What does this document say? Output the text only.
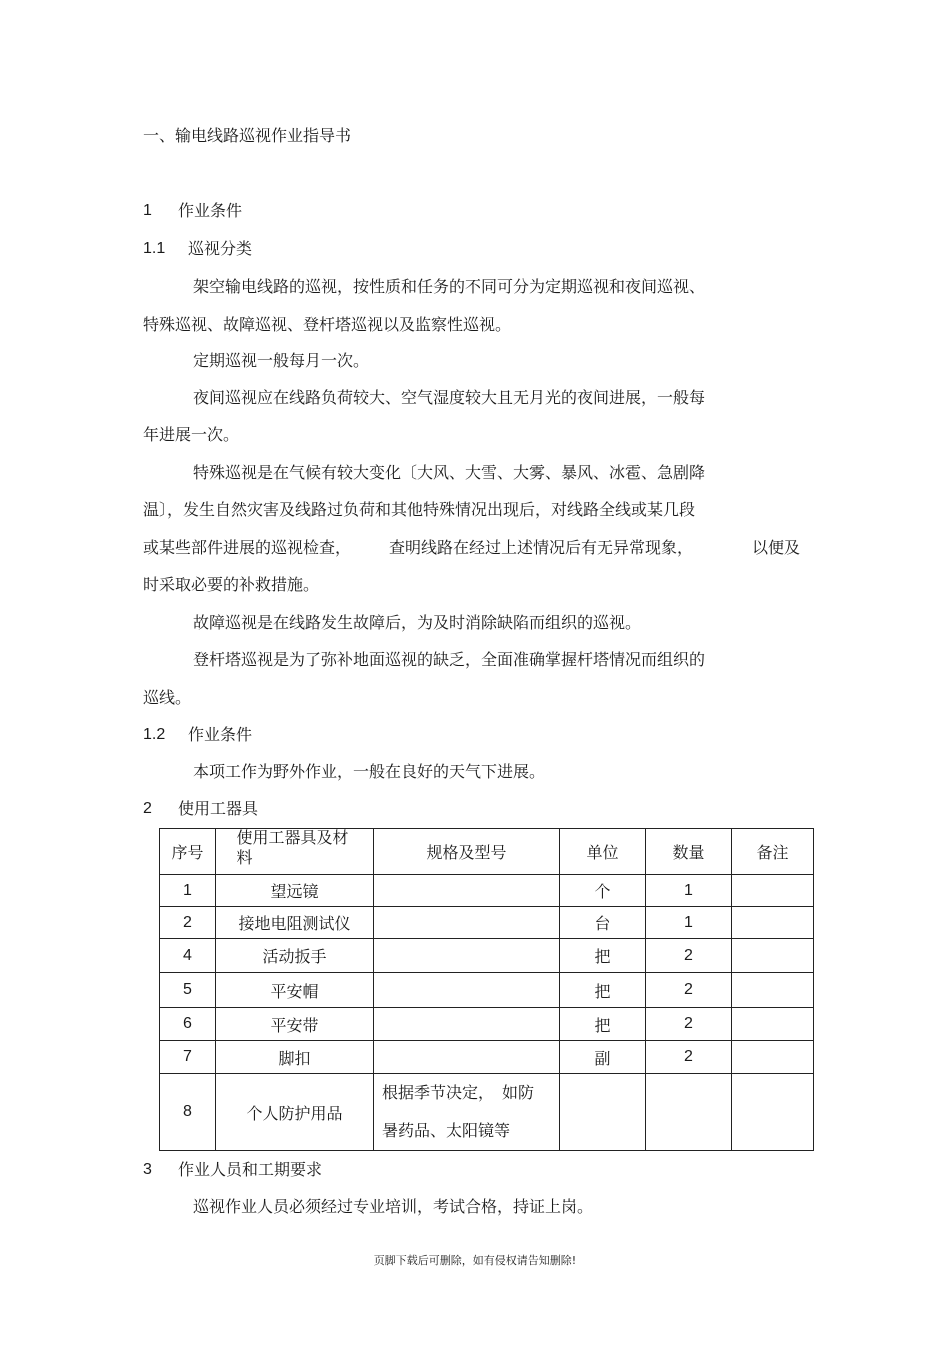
一、输电线路巡视作业指导书
1 作业条件
1.1 巡视分类
架空输电线路的巡视，按性质和任务的不同可分为定期巡视和夜间巡视、
特殊巡视、故障巡视、登杆塔巡视以及监察性巡视。
定期巡视一般每月一次。
夜间巡视应在线路负荷较大、空气湿度较大且无月光的夜间进展，一般每
年进展一次。
特殊巡视是在气候有较大变化〔大风、大雪、大雾、暴风、冰雹、急剧降
温〕，发生自然灾害及线路过负荷和其他特殊情况出现后，对线路全线或某几段
或某些部件进展的巡视检查， 查明线路在经过上述情况后有无异常现象，	以便及
时采取必要的补救措施。
故障巡视是在线路发生故障后，为及时消除缺陷而组织的巡视。
登杆塔巡视是为了弥补地面巡视的缺乏，全面准确掌握杆塔情况而组织的
巡线。
1.2 作业条件
本项工作为野外作业，一般在良好的天气下进展。
2 使用工器具
序号	使用工器具及材料	规格及型号	单位	数量	备注
1	望远镜		个	1	
2	接地电阻测试仪		台	1	
4	活动扳手		把	2	
5	平安帽		把	2	
6	平安带		把	2	
7	脚扣		副	2	
8	个人防护用品	根据季节决定，　如防
暑药品、太阳镜等			

3 作业人员和工期要求
巡视作业人员必须经过专业培训，考试合格，持证上岗。
页脚下载后可删除，如有侵权请告知删除!
